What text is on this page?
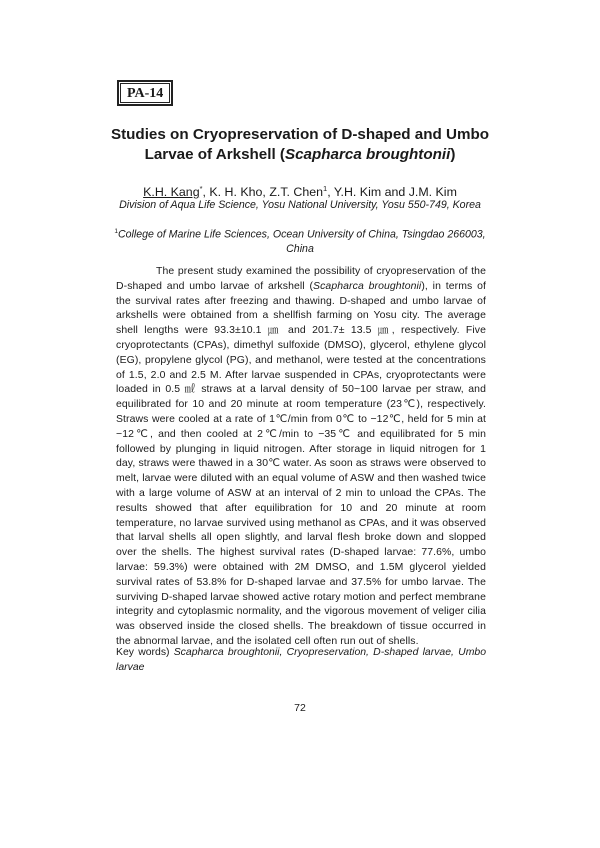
PA-14
Studies on Cryopreservation of D-shaped and Umbo Larvae of Arkshell (Scapharca broughtonii)
K.H. Kang*, K. H. Kho, Z.T. Chen$^1$, Y.H. Kim and J.M. Kim
Division of Aqua Life Science, Yosu National University, Yosu 550-749, Korea
$^1$College of Marine Life Sciences, Ocean University of China, Tsingdao 266003, China

The present study examined the possibility of cryopreservation of the D-shaped and umbo larvae of arkshell (Scapharca broughtonii), in terms of the survival rates after freezing and thawing. D-shaped and umbo larvae of arkshells were obtained from a shellfish farming on Yosu city. The average shell lengths were 93.3±10.1 ㎛ and 201.7± 13.5 ㎛, respectively. Five cryoprotectants (CPAs), dimethyl sulfoxide (DMSO), glycerol, ethylene glycol (EG), propylene glycol (PG), and methanol, were tested at the concentrations of 1.5, 2.0 and 2.5 M. After larvae suspended in CPAs, cryoprotectants were loaded in 0.5 ㎖ straws at a larval density of 50~100 larvae per straw, and equilibrated for 10 and 20 minute at room temperature (23℃), respectively. Straws were cooled at a rate of 1℃/min from 0℃ to −12℃, held for 5 min at −12℃, and then cooled at 2℃/min to −35℃ and equilibrated for 5 min followed by plunging in liquid nitrogen. After storage in liquid nitrogen for 1 day, straws were thawed in a 30℃ water. As soon as straws were observed to melt, larvae were diluted with an equal volume of ASW and then washed twice with a large volume of ASW at an interval of 2 min to unload the CPAs. The results showed that after equilibration for 10 and 20 minute at room temperature, no larvae survived using methanol as CPAs, and it was observed that larval shells all open slightly, and larval flesh broke down and slopped over the shells. The highest survival rates (D-shaped larvae: 77.6%, umbo larvae: 59.3%) were obtained with 2M DMSO, and 1.5M glycerol yielded survival rates of 53.8% for D-shaped larvae and 37.5% for umbo larvae. The surviving D-shaped larvae showed active rotary motion and perfect membrane integrity and cytoplasmic normality, and the vigorous movement of veliger cilia was observed inside the closed shells. The breakdown of tissue occurred in the abnormal larvae, and the isolated cell often run out of shells.

Key words) Scapharca broughtonii, Cryopreservation, D-shaped larvae, Umbo larvae
72
